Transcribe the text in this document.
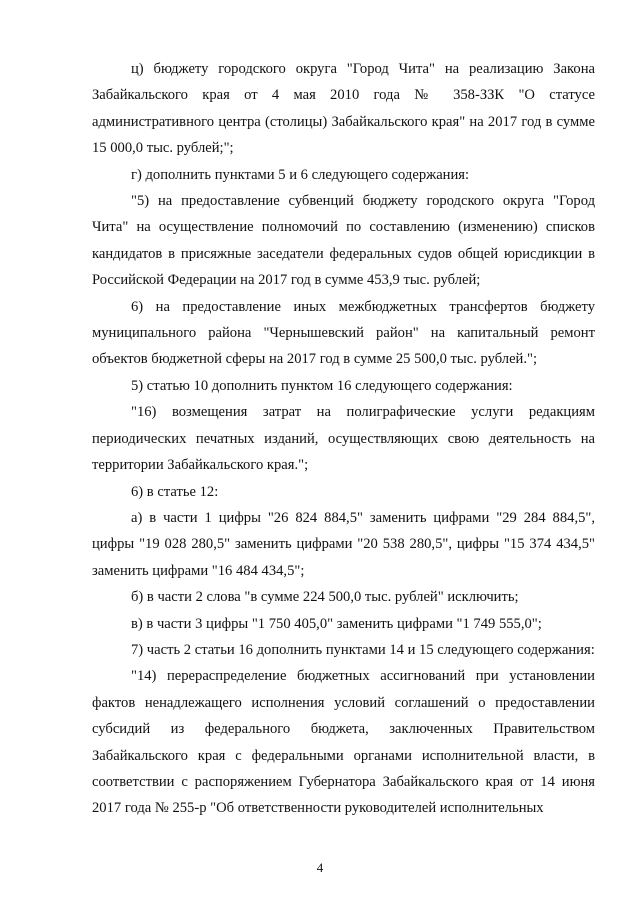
ц) бюджету городского округа "Город Чита" на реализацию Закона Забайкальского края от 4 мая 2010 года № 358-ЗЗК "О статусе административного центра (столицы) Забайкальского края" на 2017 год в сумме 15 000,0 тыс. рублей;";

г) дополнить пунктами 5 и 6 следующего содержания:

"5) на предоставление субвенций бюджету городского округа "Город Чита" на осуществление полномочий по составлению (изменению) списков кандидатов в присяжные заседатели федеральных судов общей юрисдикции в Российской Федерации на 2017 год в сумме 453,9 тыс. рублей;

6) на предоставление иных межбюджетных трансфертов бюджету муниципального района "Чернышевский район" на капитальный ремонт объектов бюджетной сферы на 2017 год в сумме 25 500,0 тыс. рублей.";

5) статью 10 дополнить пунктом 16 следующего содержания:

"16) возмещения затрат на полиграфические услуги редакциям периодических печатных изданий, осуществляющих свою деятельность на территории Забайкальского края.";

6) в статье 12:

а) в части 1 цифры "26 824 884,5" заменить цифрами "29 284 884,5", цифры "19 028 280,5" заменить цифрами "20 538 280,5", цифры "15 374 434,5" заменить цифрами "16 484 434,5";

б) в части 2 слова "в сумме 224 500,0 тыс. рублей" исключить;

в) в части 3 цифры "1 750 405,0" заменить цифрами "1 749 555,0";

7) часть 2 статьи 16 дополнить пунктами 14 и 15 следующего содержания:

"14) перераспределение бюджетных ассигнований при установлении фактов ненадлежащего исполнения условий соглашений о предоставлении субсидий из федерального бюджета, заключенных Правительством Забайкальского края с федеральными органами исполнительной власти, в соответствии с распоряжением Губернатора Забайкальского края от 14 июня 2017 года № 255-р "Об ответственности руководителей исполнительных

4
